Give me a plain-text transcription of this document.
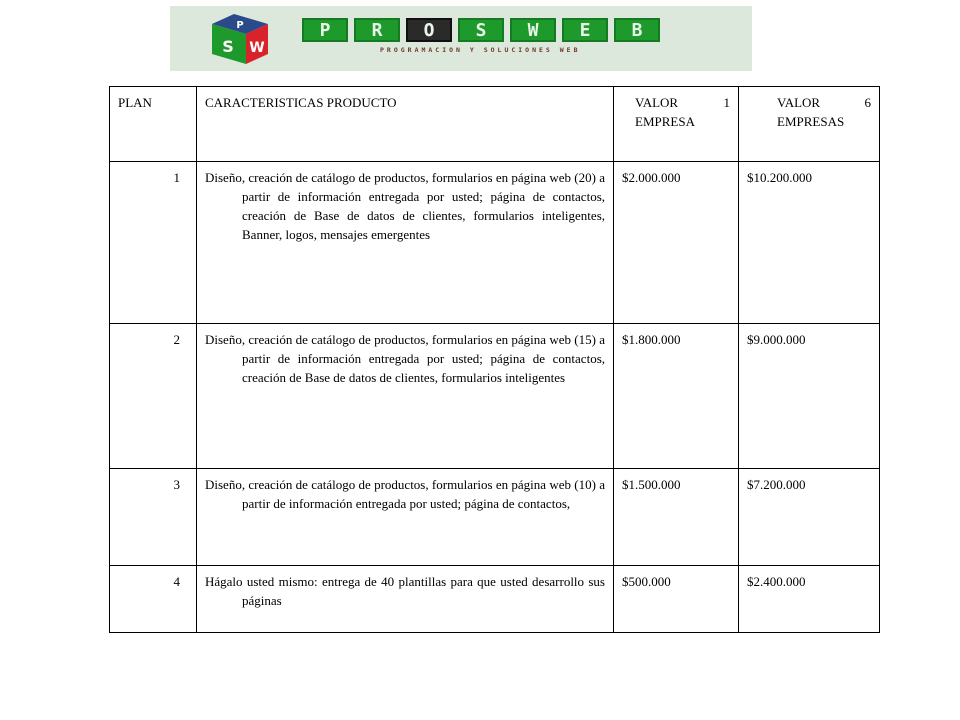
P
S W
P	R	O	S	W	E	B
PROGRAMACION Y SOLUCIONES WEB
PLAN	CARACTERISTICAS PRODUCTO	VALOR 1 EMPRESA	VALOR 6 EMPRESAS

1	Diseño, creación de catálogo de productos, formularios en página web (20) a partir de información entregada por usted; página de contactos, creación de Base de datos de clientes, formularios inteligentes, Banner, logos, mensajes emergentes	$2.000.000	$10.200.000
2	Diseño, creación de catálogo de productos, formularios en página web (15) a partir de información entregada por usted; página de contactos, creación de Base de datos de clientes, formularios inteligentes	$1.800.000	$9.000.000
3	Diseño, creación de catálogo de productos, formularios en página web (10) a partir de información entregada por usted; página de contactos,	$1.500.000	$7.200.000
4	Hágalo usted mismo: entrega de 40 plantillas para que usted desarrollo sus páginas	$500.000	$2.400.000
